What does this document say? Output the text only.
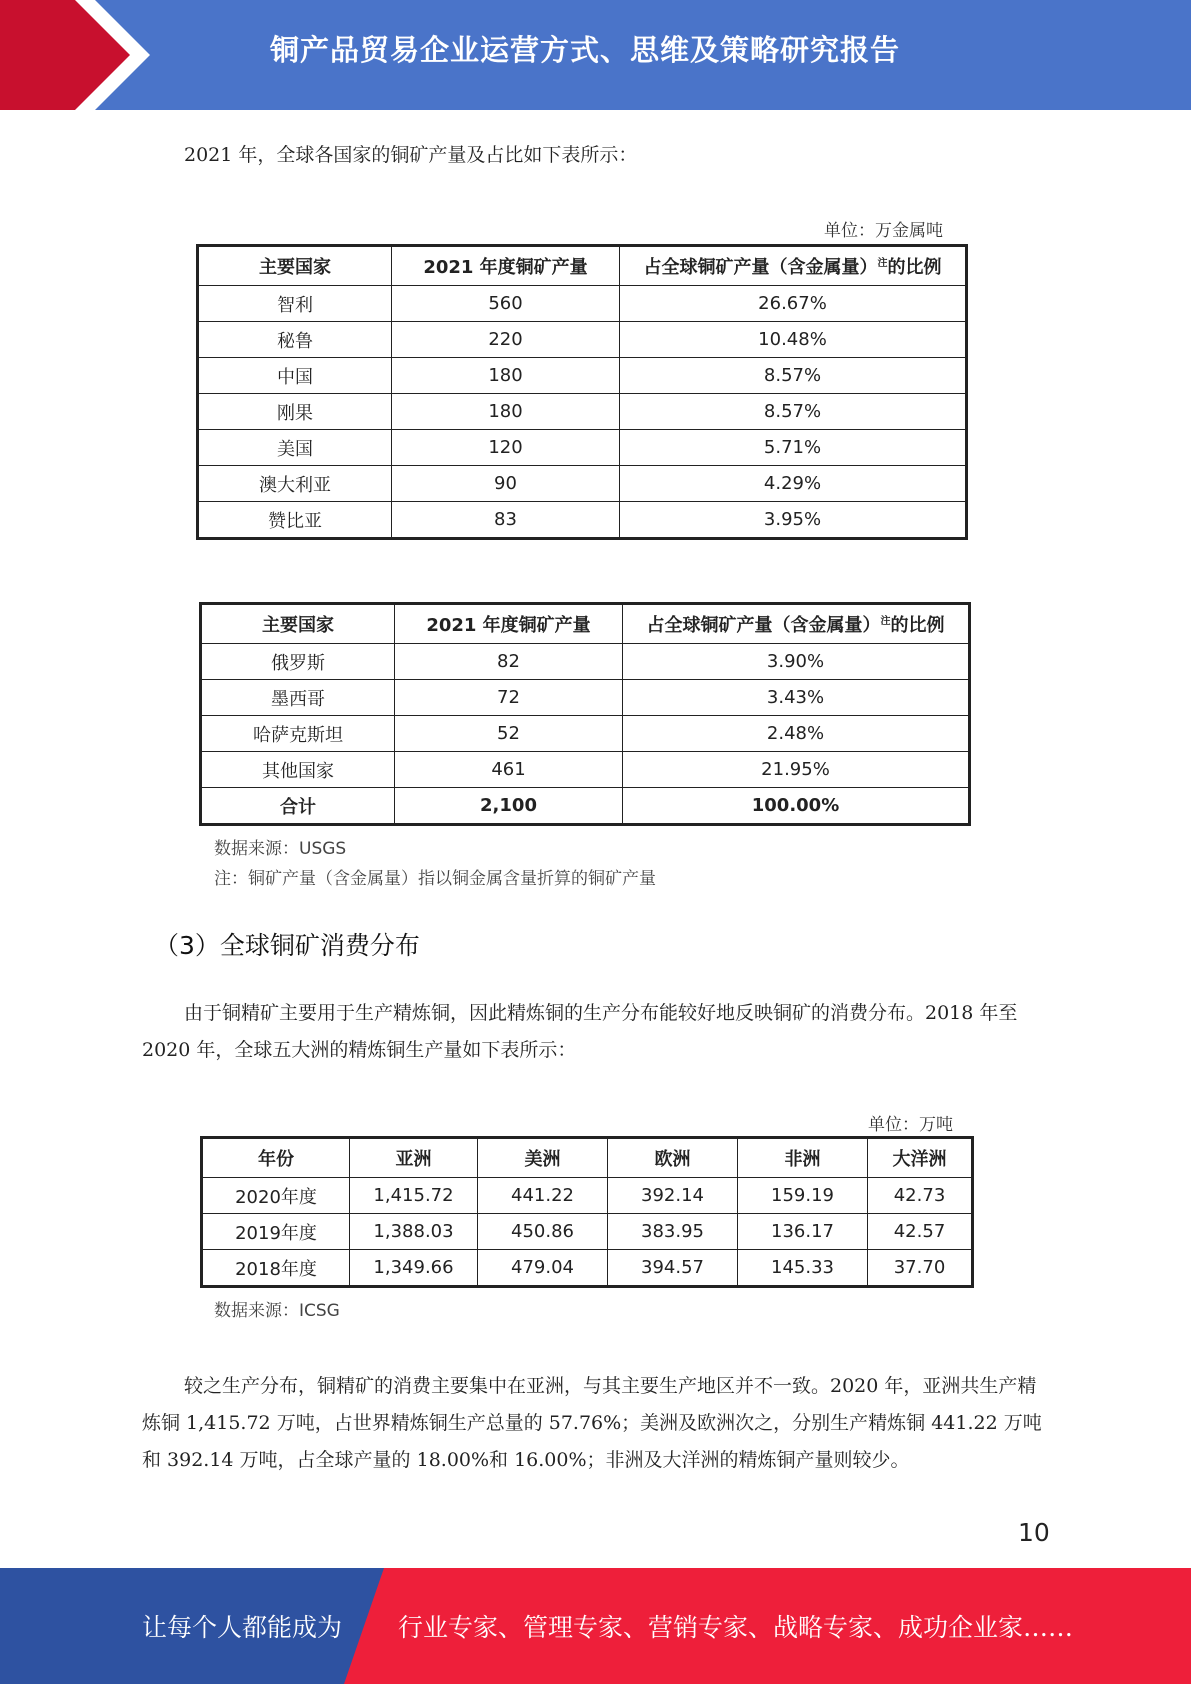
铜产品贸易企业运营方式、思维及策略研究报告

2021 年，全球各国家的铜矿产量及占比如下表所示：

单位：万金属吨
主要国家	2021 年度铜矿产量	占全球铜矿产量（含金属量）$^注$的比例
智利	560	26.67%
秘鲁	220	10.48%
中国	180	8.57%
刚果	180	8.57%
美国	120	5.71%
澳大利亚	90	4.29%
赞比亚	83	3.95%
主要国家	2021 年度铜矿产量	占全球铜矿产量（含金属量）$^注$的比例
俄罗斯	82	3.90%
墨西哥	72	3.43%
哈萨克斯坦	52	2.48%
其他国家	461	21.95%
合计	2,100	100.00%
数据来源：USGS
注：铜矿产量（含金属量）指以铜金属含量折算的铜矿产量
（3）全球铜矿消费分布

由于铜精矿主要用于生产精炼铜，因此精炼铜的生产分布能较好地反映铜矿的消费分布。2018 年至 2020 年，全球五大洲的精炼铜生产量如下表所示：

单位：万吨
年份	亚洲	美洲	欧洲	非洲	大洋洲
2020年度	1,415.72	441.22	392.14	159.19	42.73
2019年度	1,388.03	450.86	383.95	136.17	42.57
2018年度	1,349.66	479.04	394.57	145.33	37.70
数据来源：ICSG

较之生产分布，铜精矿的消费主要集中在亚洲，与其主要生产地区并不一致。2020 年，亚洲共生产精炼铜 1,415.72 万吨，占世界精炼铜生产总量的 57.76%；美洲及欧洲次之，分别生产精炼铜 441.22 万吨和 392.14 万吨，占全球产量的 18.00%和 16.00%；非洲及大洋洲的精炼铜产量则较少。

10
让每个人都能成为 行业专家、管理专家、营销专家、战略专家、成功企业家……
